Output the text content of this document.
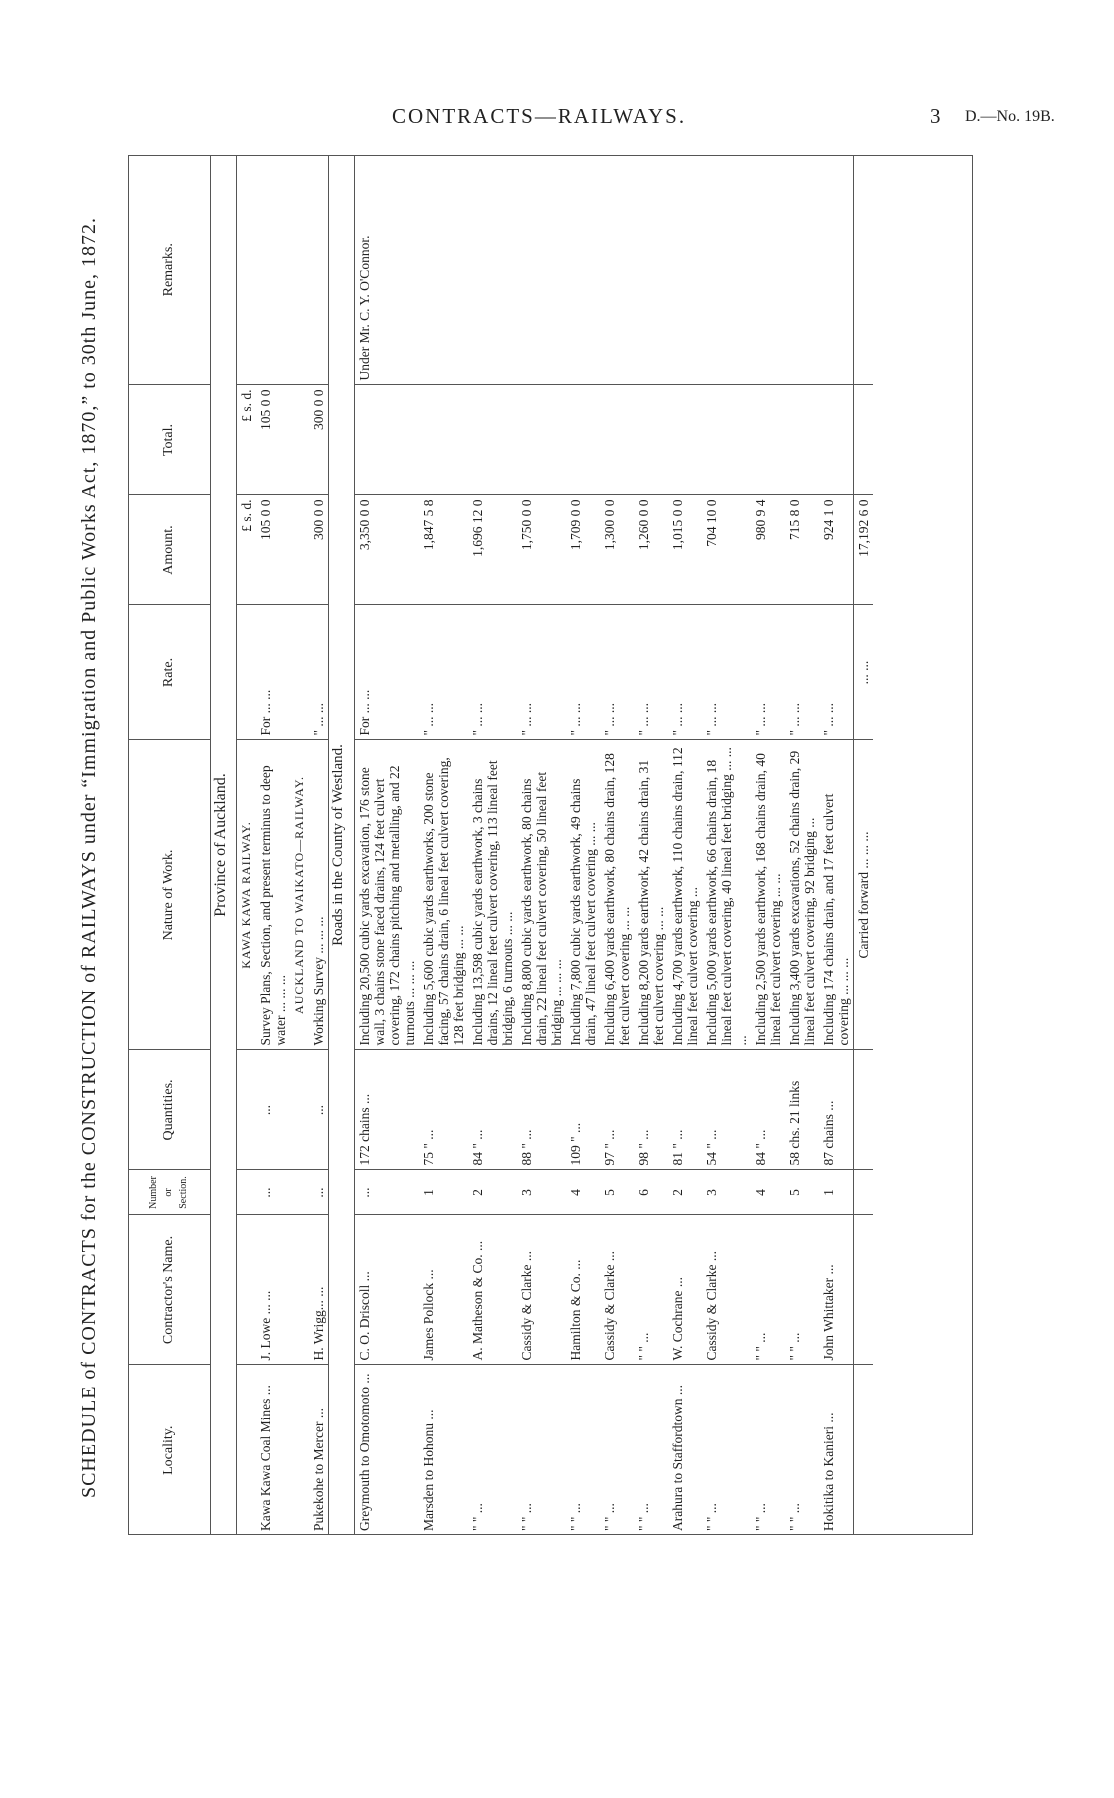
CONTRACTS—RAILWAYS.	3 D.—No. 19B.
SCHEDULE of CONTRACTS for the CONSTRUCTION of RAILWAYS under “Immigration and Public Works Act, 1870,” to 30th June, 1872.	Locality.	Contractor's Name.	Number or Section.	Quantities.	Nature of Work.	Rate.	Amount.	Total.	Remarks.
Province of Auckland.								
				KAWA KAWA RAILWAY.		£ s. d.	£ s. d.	
Kawa Kawa Coal Mines ...	J. Lowe ... ...	...	...	Survey Plans, Section, and present terminus to deep water ... ... ...	For ... ...	105 0 0	105 0 0	
				AUCKLAND TO WAIKATO—RAILWAY.				
Pukekohe to Mercer ...	H. Wrigg... ...	...	...	Working Survey ... ... ...	" ... ...	300 0 0	300 0 0	
Roads in the County of Westland.								
Greymouth to Omotomoto ...	C. O. Driscoll ...	...	172 chains ...	Including 20,500 cubic yards excavation, 176 stone wall, 3 chains stone faced drains, 124 feet culvert covering, 172 chains pitching and metalling, and 22 turnouts ... ... ...	For ... ...	3,350 0 0		Under Mr. C. Y. O'Connor.
Marsden to Hohonu ...	James Pollock ...	1	75 " ...	Including 5,600 cubic yards earthworks, 200 stone facing, 57 chains drain, 6 lineal feet culvert covering, 128 feet bridging ... ...	" ... ...	1,847 5 8		
" " ...	A. Matheson & Co. ...	2	84 " ...	Including 13,598 cubic yards earthwork, 3 chains drains, 12 lineal feet culvert covering, 113 lineal feet bridging, 6 turnouts ... ...	" ... ...	1,696 12 0		
" " ...	Cassidy & Clarke ...	3	88 " ...	Including 8,800 cubic yards earthwork, 80 chains drain, 22 lineal feet culvert covering, 50 lineal feet bridging ... ... ...	" ... ...	1,750 0 0		
" " ...	Hamilton & Co. ...	4	109 " ...	Including 7,800 cubic yards earthwork, 49 chains drain, 47 lineal feet culvert covering ... ...	" ... ...	1,709 0 0		
" " ...	Cassidy & Clarke ...	5	97 " ...	Including 6,400 yards earthwork, 80 chains drain, 128 feet culvert covering ... ...	" ... ...	1,300 0 0		
" " ...	" " ...	6	98 " ...	Including 8,200 yards earthwork, 42 chains drain, 31 feet culvert covering ... ...	" ... ...	1,260 0 0		
Arahura to Staffordtown ...	W. Cochrane ...	2	81 " ...	Including 4,700 yards earthwork, 110 chains drain, 112 lineal feet culvert covering ...	" ... ...	1,015 0 0		
" " ...	Cassidy & Clarke ...	3	54 " ...	Including 5,000 yards earthwork, 66 chains drain, 18 lineal feet culvert covering, 40 lineal feet bridging ... ... ...	" ... ...	704 10 0		
" " ...	" " ...	4	84 " ...	Including 2,500 yards earthwork, 168 chains drain, 40 lineal feet culvert covering ... ...	" ... ...	980 9 4		
" " ...	" " ...	5	58 chs. 21 links	Including 3,400 yards excavations, 52 chains drain, 29 lineal feet culvert covering, 92 bridging ...	" ... ...	715 8 0		
Hokitika to Kanieri ...	John Whittaker ...	1	87 chains ...	Including 174 chains drain, and 17 feet culvert covering ... ... ...	" ... ...	924 1 0		
				Carried forward ... ... ...	... ...	17,192 6 0		
